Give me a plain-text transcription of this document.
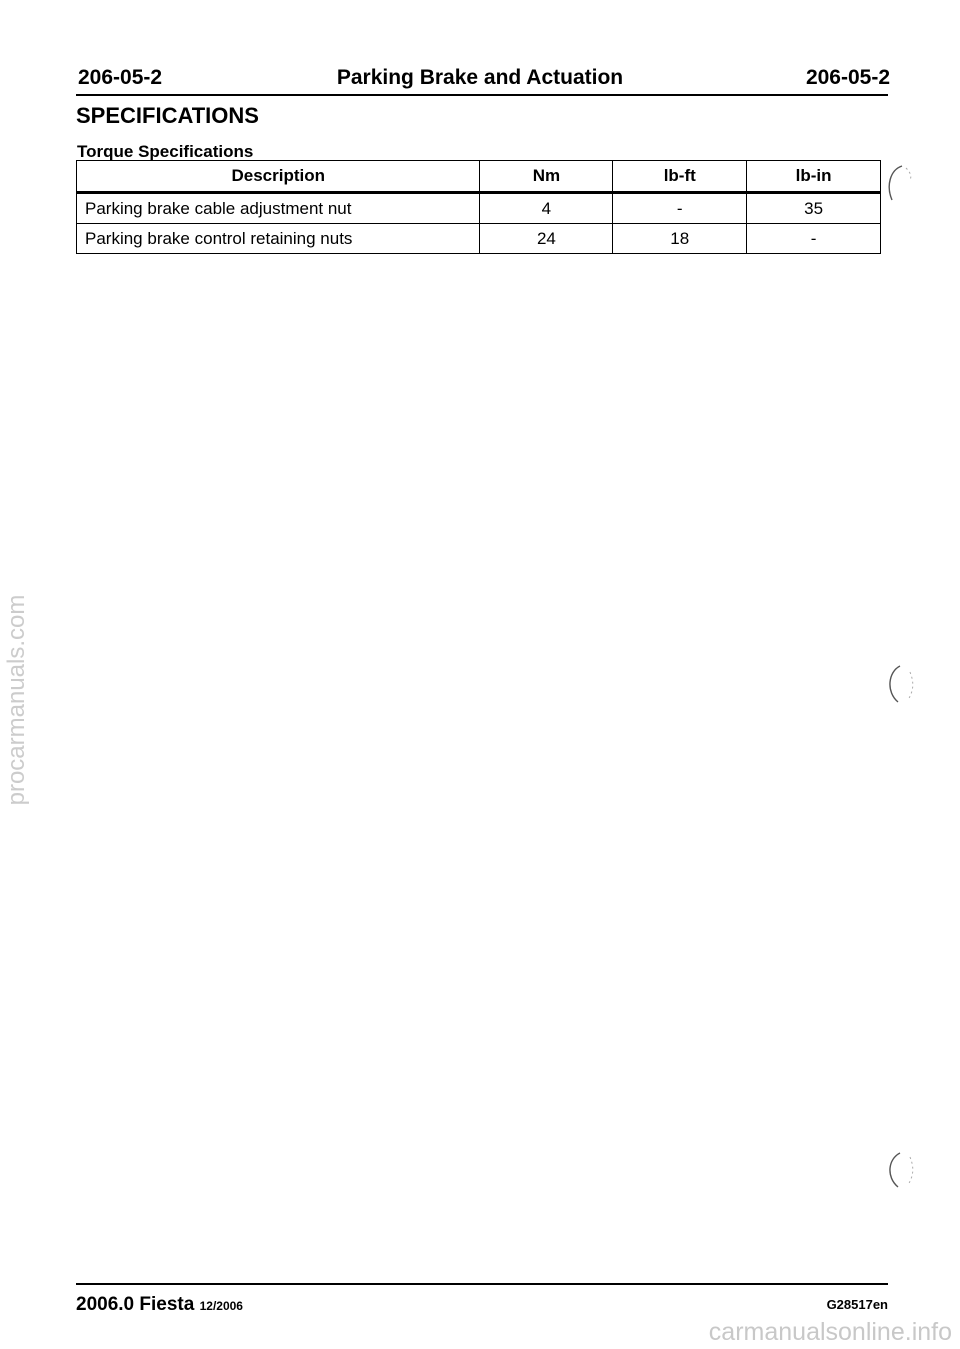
206-05-2	Parking Brake and Actuation	206-05-2
SPECIFICATIONS
Torque Specifications
Description	Nm	lb-ft	lb-in
Parking brake cable adjustment nut	4	-	35
Parking brake control retaining nuts	24	18	-
2006.0 Fiesta 12/2006	G28517en
procarmanuals.com
carmanualsonline.info
